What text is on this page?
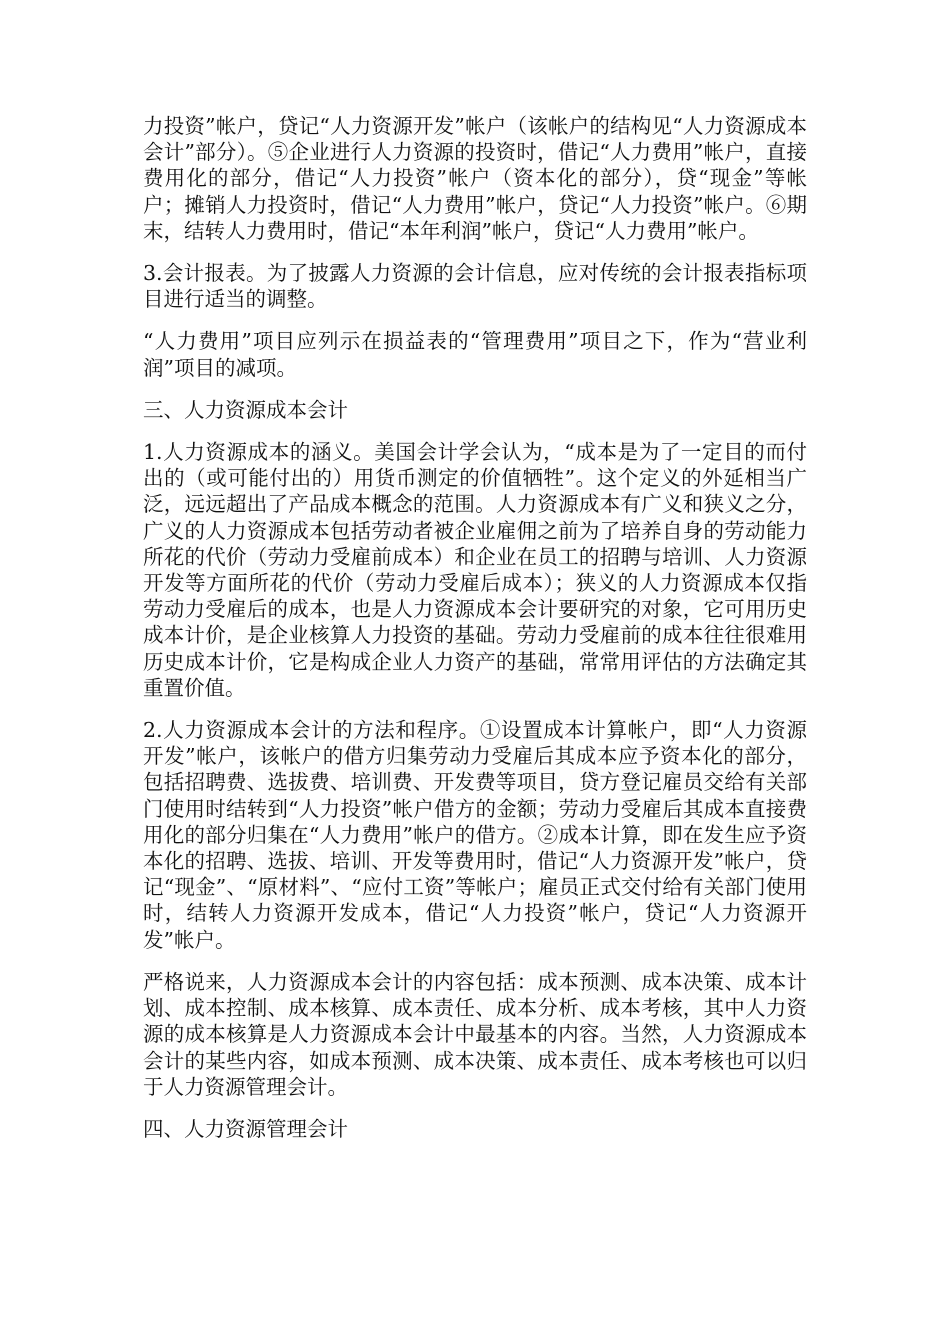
力投资”帐户，贷记“人力资源开发”帐户（该帐户的结构见“人力资源成本会计”部分）。⑤企业进行人力资源的投资时，借记“人力费用”帐户，直接费用化的部分，借记“人力投资”帐户（资本化的部分），贷“现金”等帐户；摊销人力投资时，借记“人力费用”帐户，贷记“人力投资”帐户。⑥期末，结转人力费用时，借记“本年利润”帐户，贷记“人力费用”帐户。

3.会计报表。为了披露人力资源的会计信息，应对传统的会计报表指标项目进行适当的调整。

“人力费用”项目应列示在损益表的“管理费用”项目之下，作为“营业利润”项目的减项。

三、人力资源成本会计

1.人力资源成本的涵义。美国会计学会认为，“成本是为了一定目的而付出的（或可能付出的）用货币测定的价值牺牲”。这个定义的外延相当广泛，远远超出了产品成本概念的范围。人力资源成本有广义和狭义之分，广义的人力资源成本包括劳动者被企业雇佣之前为了培养自身的劳动能力所花的代价（劳动力受雇前成本）和企业在员工的招聘与培训、人力资源开发等方面所花的代价（劳动力受雇后成本）；狭义的人力资源成本仅指劳动力受雇后的成本，也是人力资源成本会计要研究的对象，它可用历史成本计价，是企业核算人力投资的基础。劳动力受雇前的成本往往很难用历史成本计价，它是构成企业人力资产的基础，常常用评估的方法确定其重置价值。

2.人力资源成本会计的方法和程序。①设置成本计算帐户，即“人力资源开发”帐户，该帐户的借方归集劳动力受雇后其成本应予资本化的部分，包括招聘费、选拔费、培训费、开发费等项目，贷方登记雇员交给有关部门使用时结转到“人力投资”帐户借方的金额；劳动力受雇后其成本直接费用化的部分归集在“人力费用”帐户的借方。②成本计算，即在发生应予资本化的招聘、选拔、培训、开发等费用时，借记“人力资源开发”帐户，贷记“现金”、“原材料”、“应付工资”等帐户；雇员正式交付给有关部门使用时，结转人力资源开发成本，借记“人力投资”帐户，贷记“人力资源开发”帐户。

严格说来，人力资源成本会计的内容包括：成本预测、成本决策、成本计划、成本控制、成本核算、成本责任、成本分析、成本考核，其中人力资源的成本核算是人力资源成本会计中最基本的内容。当然，人力资源成本会计的某些内容，如成本预测、成本决策、成本责任、成本考核也可以归于人力资源管理会计。

四、人力资源管理会计
